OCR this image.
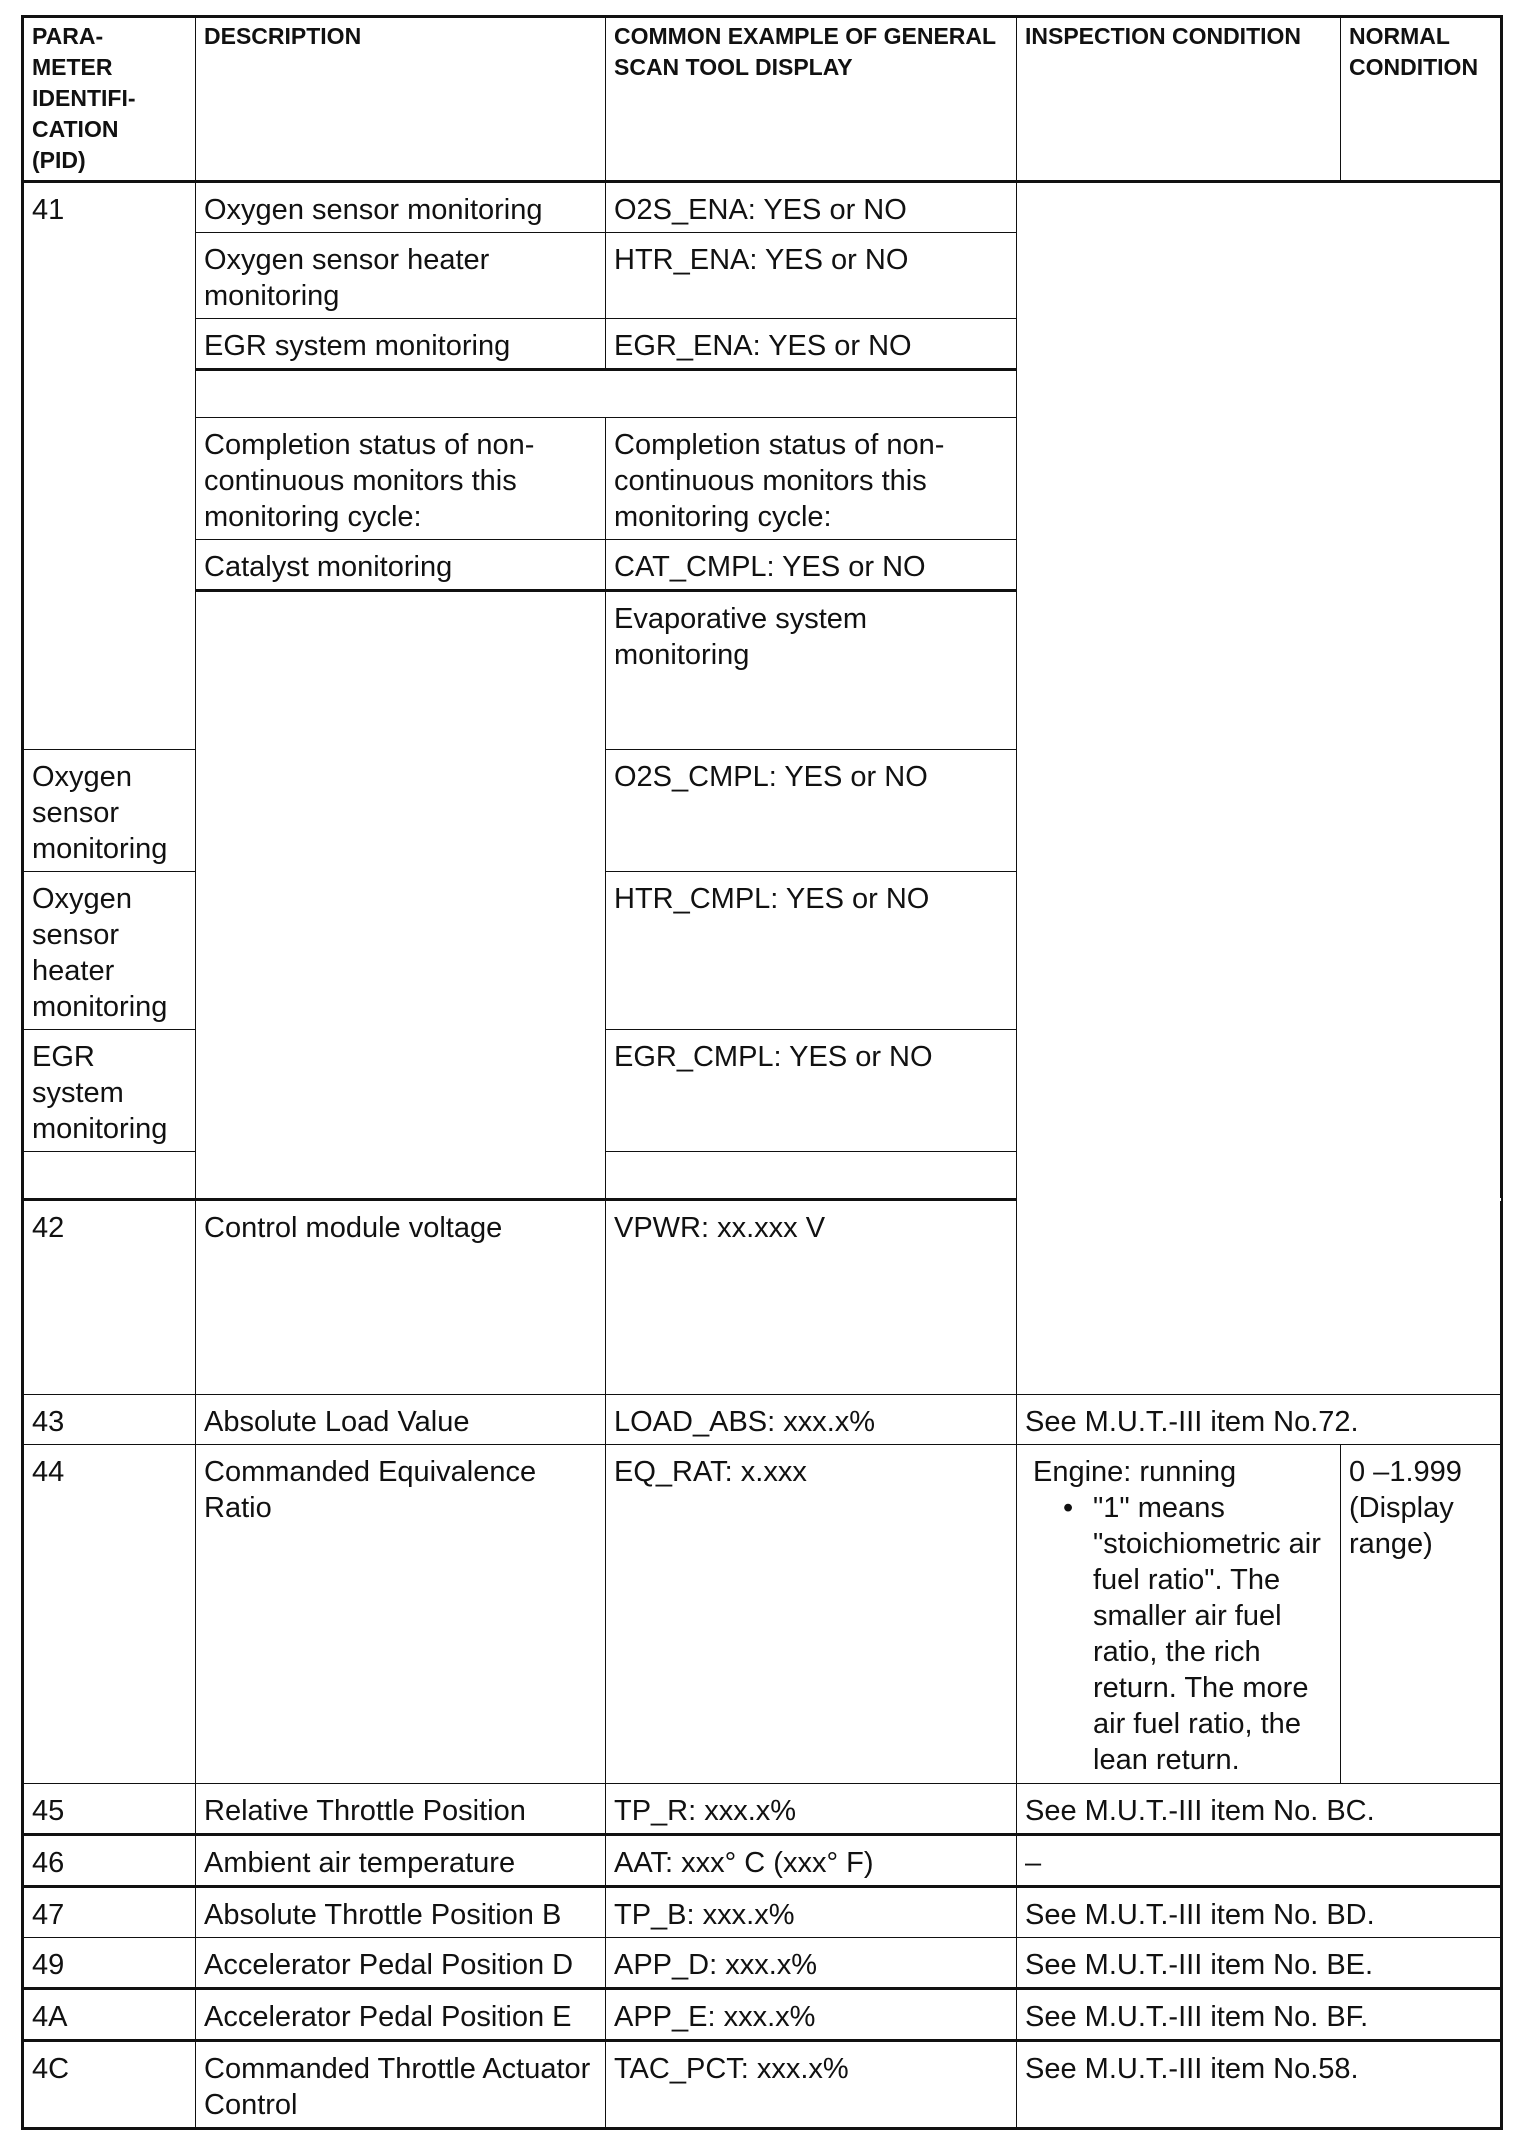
PARA-
METER
IDENTIFI-
CATION
(PID)	DESCRIPTION	COMMON EXAMPLE OF GENERAL SCAN TOOL DISPLAY	INSPECTION CONDITION	NORMAL CONDITION	
41	Oxygen sensor monitoring	O2S_ENA: YES or NO			
	Oxygen sensor heater monitoring	HTR_ENA: YES or NO			
	EGR system monitoring	EGR_ENA: YES or NO			

	Completion status of non-continuous monitors this monitoring cycle:	Completion status of non-continuous monitors this monitoring cycle:			
	Catalyst monitoring	CAT_CMPL: YES or NO			
		Evaporative system monitoring	
Oxygen sensor monitoring		O2S_CMPL: YES or NO			
Oxygen sensor heater monitoring		HTR_CMPL: YES or NO			
EGR system monitoring		EGR_CMPL: YES or NO			

42	Control module voltage	VPWR: xx.xxx V	
43	Absolute Load Value	LOAD_ABS: xxx.x%	See M.U.T.-III item No.72.		
44	Commanded Equivalence Ratio	EQ_RAT: x.xxx	Engine: running
• "1" means "stoichiometric air fuel ratio". The smaller air fuel ratio, the rich return. The more air fuel ratio, the lean return.	0 –1.999 (Display range)	
45	Relative Throttle Position	TP_R: xxx.x%	See M.U.T.-III item No. BC.		
46	Ambient air temperature	AAT: xxx° C (xxx° F)	–		
47	Absolute Throttle Position B	TP_B: xxx.x%	See M.U.T.-III item No. BD.		
49	Accelerator Pedal Position D	APP_D: xxx.x%	See M.U.T.-III item No. BE.		
4A	Accelerator Pedal Position E	APP_E: xxx.x%	See M.U.T.-III item No. BF.		
4C	Commanded Throttle Actuator Control	TAC_PCT: xxx.x%	See M.U.T.-III item No.58.		
